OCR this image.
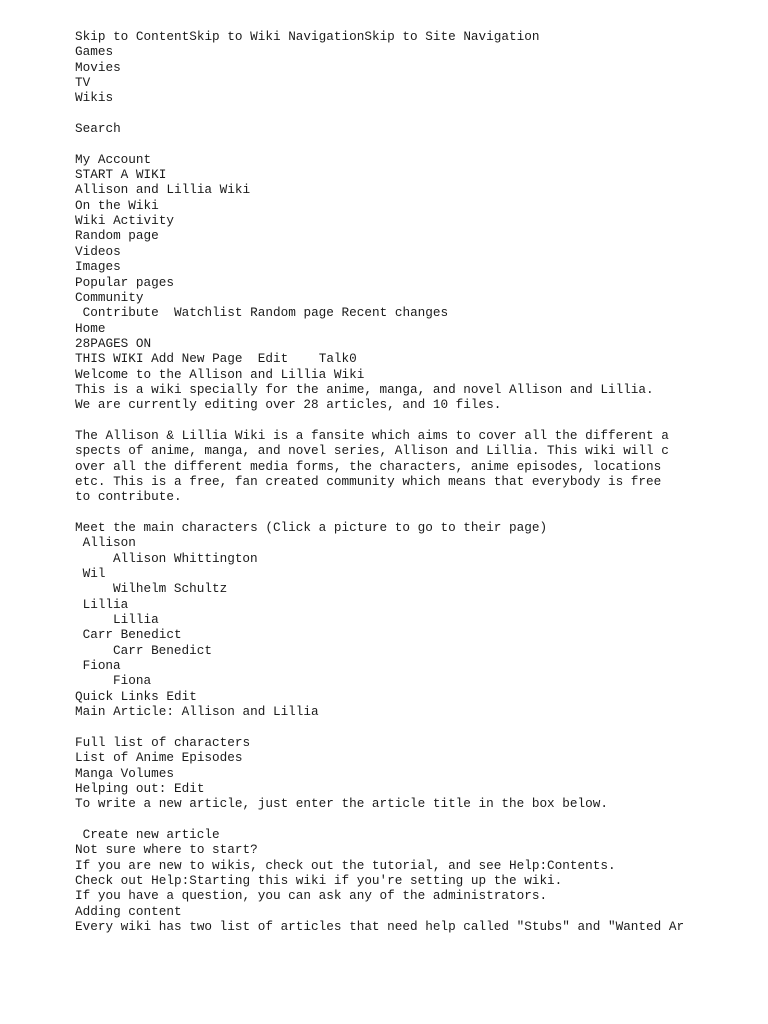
Skip to ContentSkip to Wiki NavigationSkip to Site Navigation
Games
Movies
TV
Wikis
Search
My Account
START A WIKI
Allison and Lillia Wiki
On the Wiki
Wiki Activity
Random page
Videos
Images
Popular pages
Community
Contribute Watchlist Random page Recent changes
Home
28PAGES ON
THIS WIKI Add New Page Edit Talk0
Welcome to the Allison and Lillia Wiki
This is a wiki specially for the anime, manga, and novel Allison and Lillia.
We are currently editing over 28 articles, and 10 files.
The Allison & Lillia Wiki is a fansite which aims to cover all the different aspects of anime, manga, and novel series, Allison and Lillia. This wiki will cover all the different media forms, the characters, anime episodes, locations etc. This is a free, fan created community which means that everybody is free to contribute.
Meet the main characters (Click a picture to go to their page)
Allison
Allison Whittington
Wil
Wilhelm Schultz
Lillia
Lillia
Carr Benedict
Carr Benedict
Fiona
Fiona
Quick Links Edit
Main Article: Allison and Lillia
Full list of characters
List of Anime Episodes
Manga Volumes
Helping out: Edit
To write a new article, just enter the article title in the box below.
Create new article
Not sure where to start?
If you are new to wikis, check out the tutorial, and see Help:Contents.
Check out Help:Starting this wiki if you're setting up the wiki.
If you have a question, you can ask any of the administrators.
Adding content
Every wiki has two list of articles that need help called "Stubs" and "Wanted Ar
